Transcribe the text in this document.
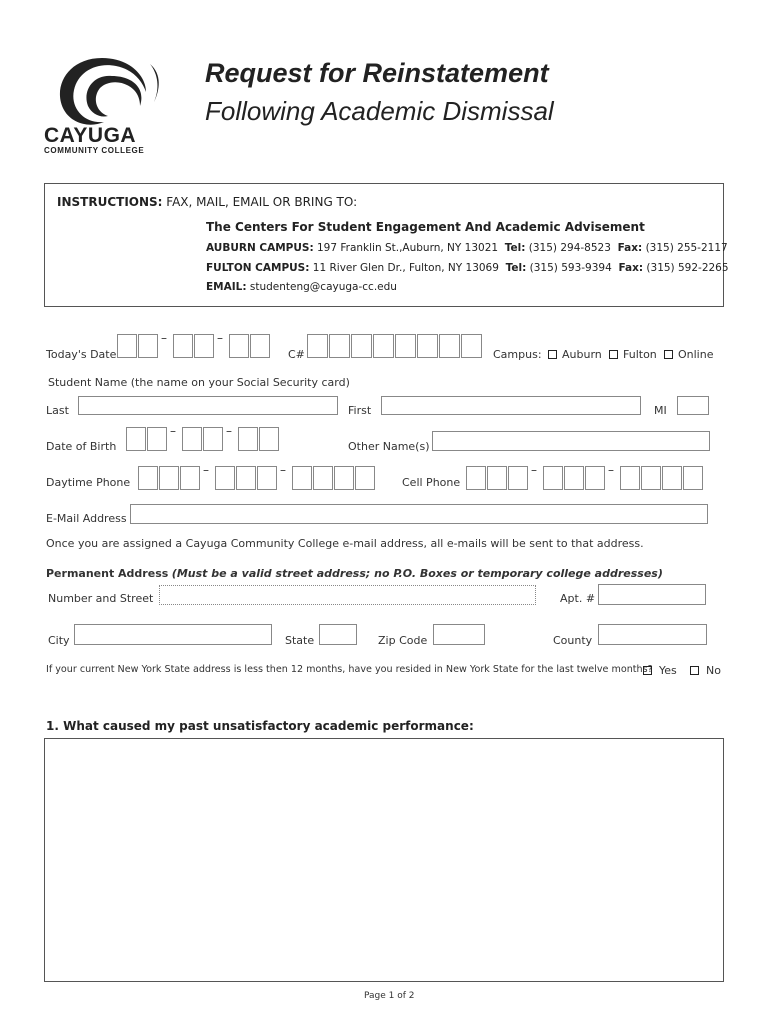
CAYUGA
COMMUNITY COLLEGE
Request for Reinstatement
Following Academic Dismissal
INSTRUCTIONS: FAX, MAIL, EMAIL OR BRING TO:
The Centers For Student Engagement And Academic Advisement
AUBURN CAMPUS: 197 Franklin St.,Auburn, NY 13021 Tel: (315) 294-8523 Fax: (315) 255-2117
FULTON CAMPUS: 11 River Glen Dr., Fulton, NY 13069 Tel: (315) 593-9394 Fax: (315) 592-2265
EMAIL: studenteng@cayuga-cc.edu
Today's Date	C#	Campus: Auburn Fulton Online
Student Name (the name on your Social Security card)
Last	First	MI
Date of Birth	Other Name(s)
Daytime Phone	Cell Phone
E-Mail Address
Once you are assigned a Cayuga Community College e-mail address, all e-mails will be sent to that address.
Permanent Address (Must be a valid street address; no P.O. Boxes or temporary college addresses)
Number and Street	Apt. #
City	State	Zip Code	County
If your current New York State address is less then 12 months, have you resided in New York State for the last twelve months? Yes	No
1. What caused my past unsatisfactory academic performance:
Page 1 of 2
–	–
–	–
–	–	–	–
